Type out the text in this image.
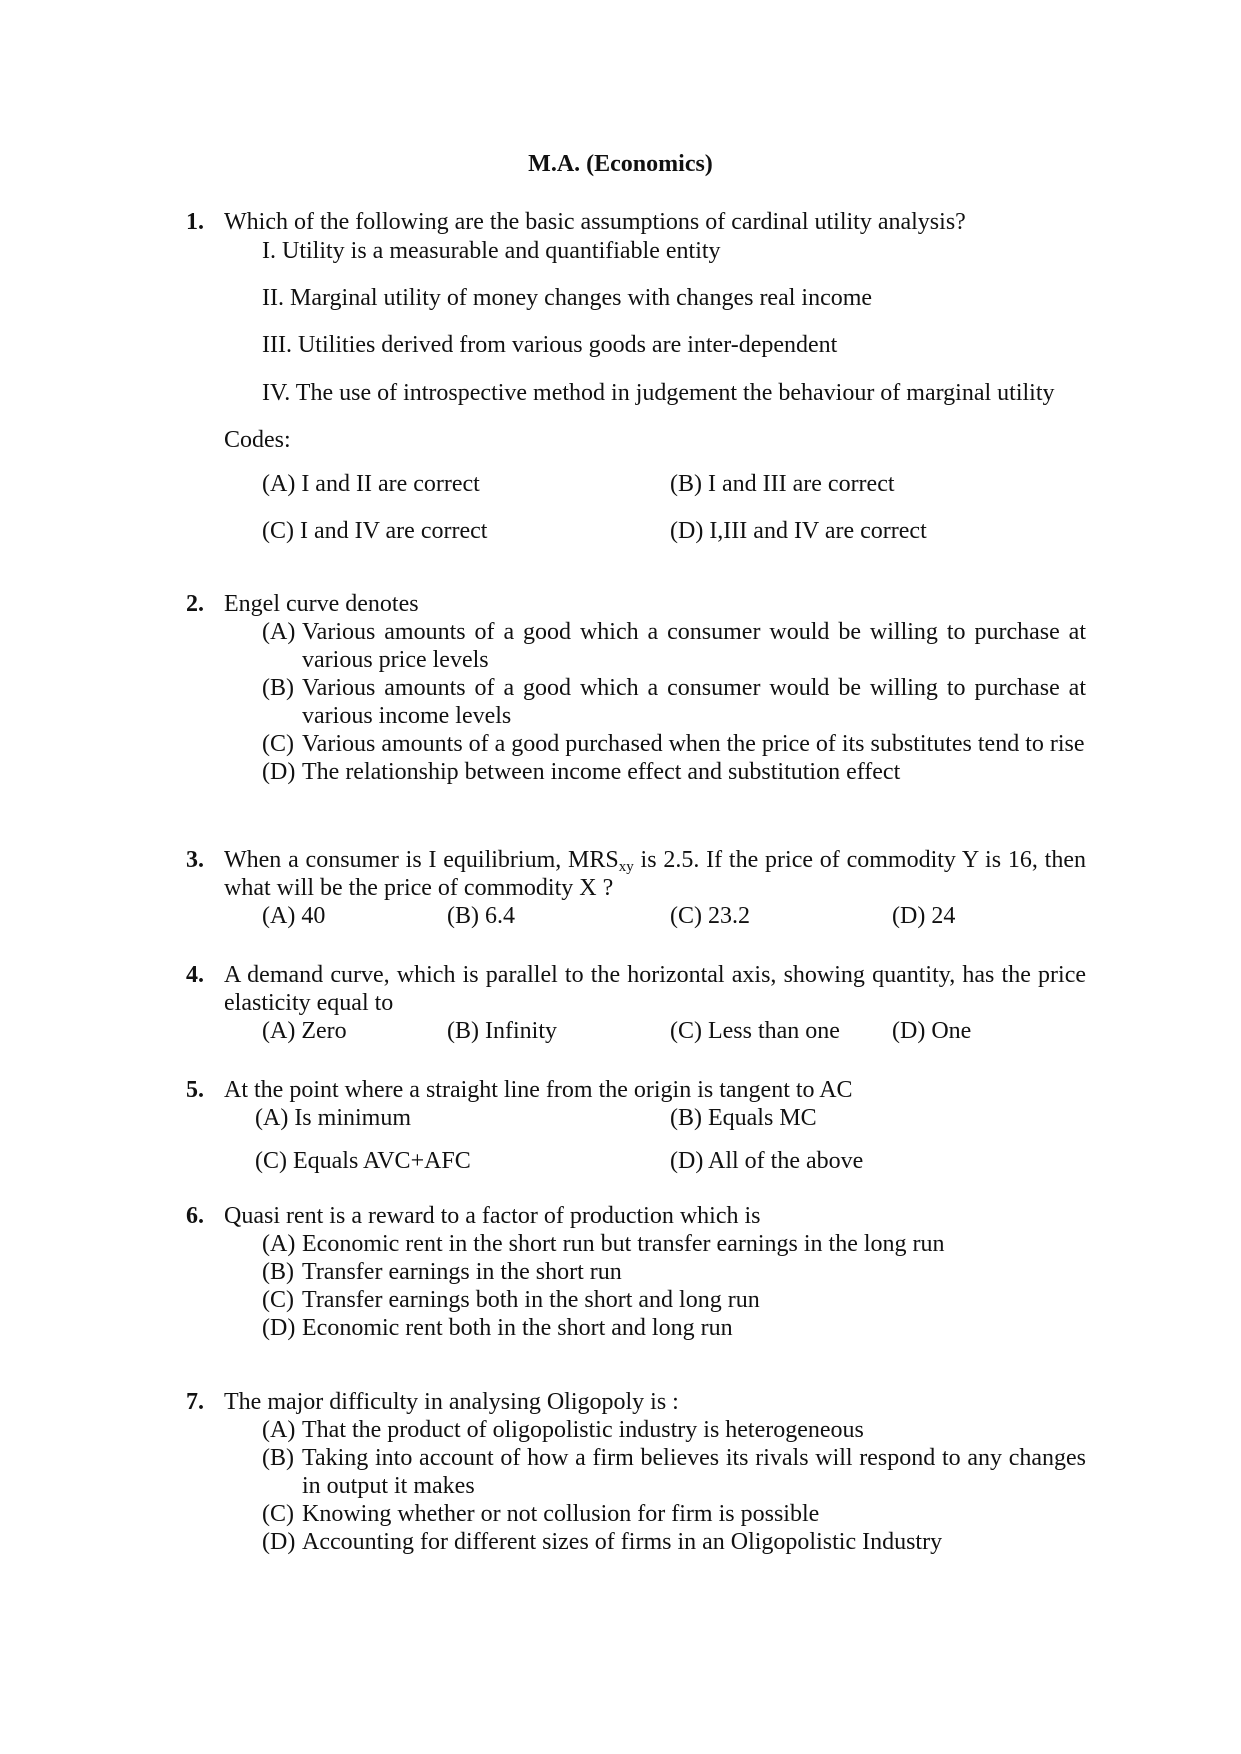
M.A. (Economics)
1. Which of the following are the basic assumptions of cardinal utility analysis?
I. Utility is a measurable and quantifiable entity
II. Marginal utility of money changes with changes real income
III. Utilities derived from various goods are inter-dependent
IV. The use of introspective method in judgement the behaviour of marginal utility
Codes:
(A) I and II are correct	(B) I and III are correct
(C) I and IV are correct	(D) I,III and IV are correct
2. Engel curve denotes
(A) Various amounts of a good which a consumer would be willing to purchase at various price levels
(B) Various amounts of a good which a consumer would be willing to purchase at various income levels
(C) Various amounts of a good purchased when the price of its substitutes tend to rise
(D) The relationship between income effect and substitution effect
3. When a consumer is I equilibrium, $MRS_{xy}$ is 2.5. If the price of commodity Y is 16, then what will be the price of commodity X ?
(A) 40	(B) 6.4	(C) 23.2	(D) 24
4. A demand curve, which is parallel to the horizontal axis, showing quantity, has the price elasticity equal to
(A) Zero	(B) Infinity	(C) Less than one (D) One
5. At the point where a straight line from the origin is tangent to AC
(A) Is minimum	(B) Equals MC
(C) Equals AVC+AFC	(D) All of the above
6. Quasi rent is a reward to a factor of production which is
(A) Economic rent in the short run but transfer earnings in the long run
(B) Transfer earnings in the short run
(C) Transfer earnings both in the short and long run
(D) Economic rent both in the short and long run
7. The major difficulty in analysing Oligopoly is :
(A) That the product of oligopolistic industry is heterogeneous
(B) Taking into account of how a firm believes its rivals will respond to any changes in output it makes
(C) Knowing whether or not collusion for firm is possible
(D) Accounting for different sizes of firms in an Oligopolistic Industry
